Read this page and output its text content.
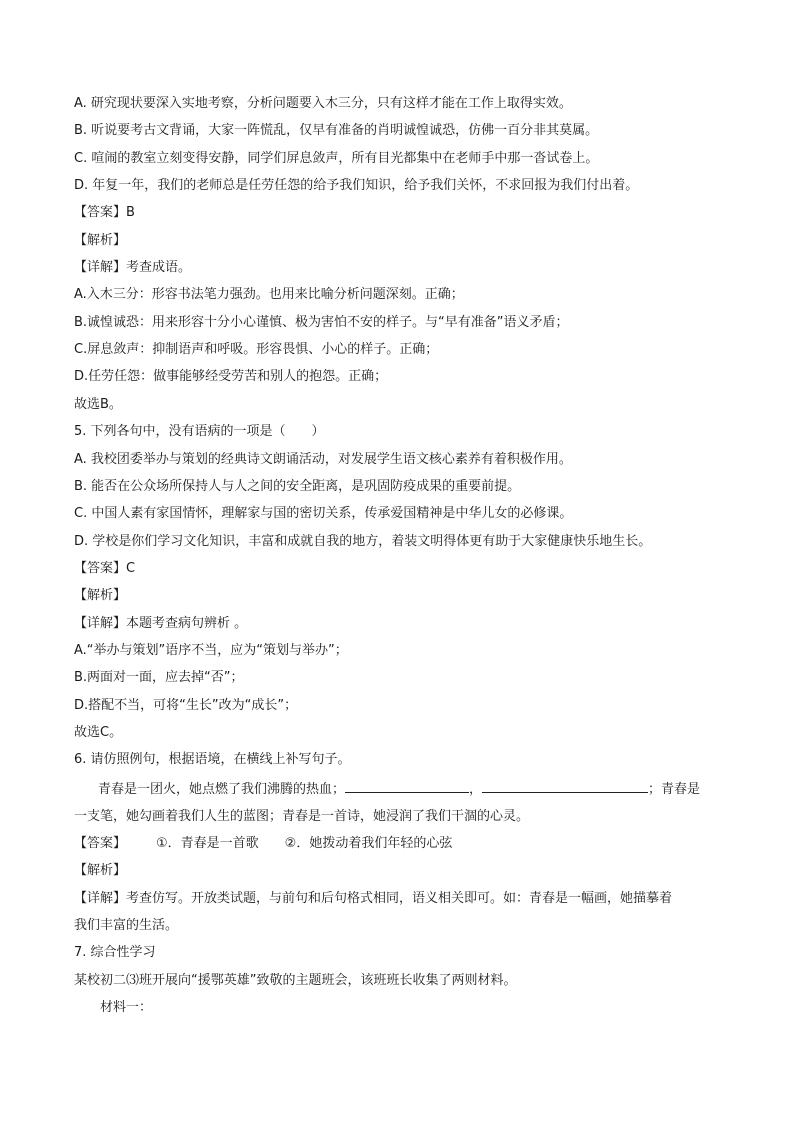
A. 研究现状要深入实地考察，分析问题要入木三分，只有这样才能在工作上取得实效。
B. 听说要考古文背诵，大家一阵慌乱，仅早有准备的肖明诚惶诚恐，仿佛一百分非其莫属。
C. 喧闹的教室立刻变得安静，同学们屏息敛声，所有目光都集中在老师手中那一沓试卷上。
D. 年复一年，我们的老师总是任劳任怨的给予我们知识，给予我们关怀，不求回报为我们付出着。
【答案】B
【解析】
【详解】考查成语。
A.入木三分：形容书法笔力强劲。也用来比喻分析问题深刻。正确；
B.诚惶诚恐：用来形容十分小心谨慎、极为害怕不安的样子。与“早有准备”语义矛盾；
C.屏息敛声：抑制语声和呼吸。形容畏惧、小心的样子。正确；
D.任劳任怨：做事能够经受劳苦和别人的抱怨。正确；
故选B。
5. 下列各句中，没有语病的一项是（　　）
A. 我校团委举办与策划的经典诗文朗诵活动，对发展学生语文核心素养有着积极作用。
B. 能否在公众场所保持人与人之间的安全距离，是巩固防疫成果的重要前提。
C. 中国人素有家国情怀，理解家与国的密切关系，传承爱国精神是中华儿女的必修课。
D. 学校是你们学习文化知识，丰富和成就自我的地方，着装文明得体更有助于大家健康快乐地生长。
【答案】C
【解析】
【详解】本题考查病句辨析 。
A.“举办与策划”语序不当，应为“策划与举办”；
B.两面对一面，应去掉“否”；
D.搭配不当，可将“生长”改为“成长”；
故选C。
6. 请仿照例句，根据语境，在横线上补写句子。
青春是一团火，她点燃了我们沸腾的热血；	，	；青春是
一支笔，她勾画着我们人生的蓝图；青春是一首诗，她浸润了我们干涸的心灵。
【答案】 ①．青春是一首歌 ②．她拨动着我们年轻的心弦
【解析】
【详解】考查仿写。开放类试题，与前句和后句格式相同，语义相关即可。如：青春是一幅画，她描摹着
我们丰富的生活。
7. 综合性学习
某校初二⑶班开展向“援鄂英雄”致敬的主题班会，该班班长收集了两则材料。
材料一：
